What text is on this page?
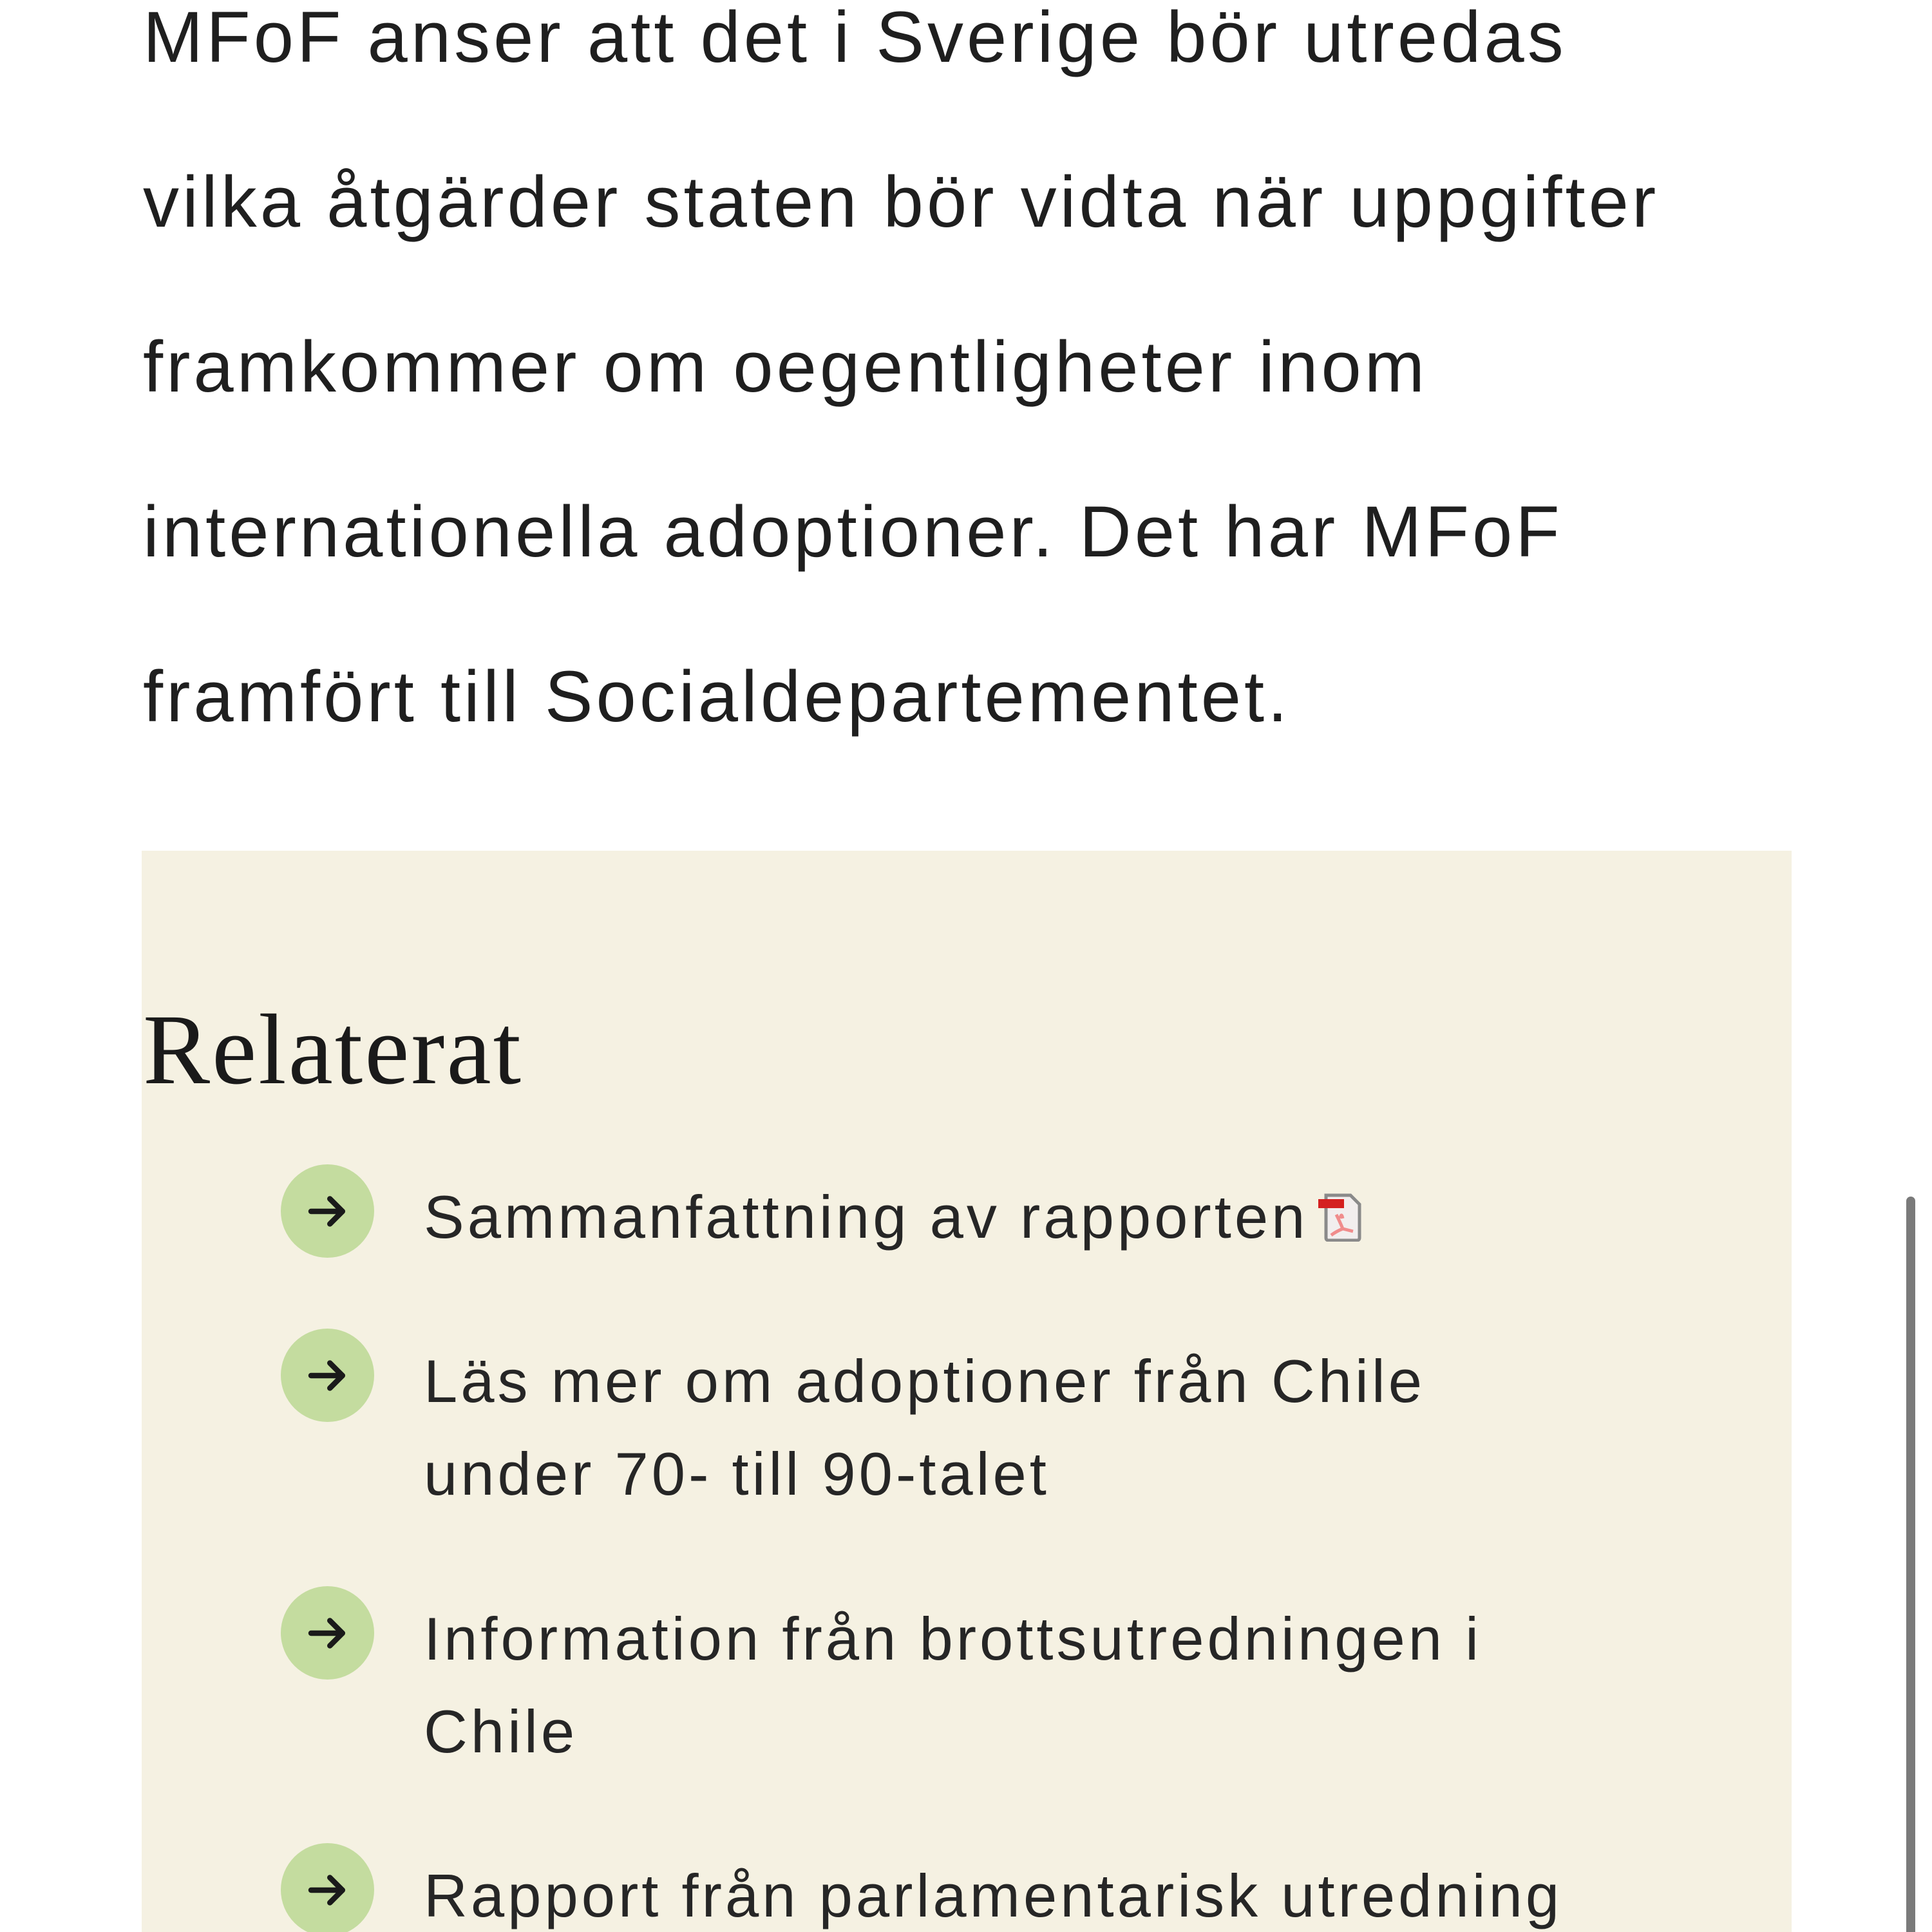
MFoF anser att det i Sverige bör utredas
vilka åtgärder staten bör vidta när uppgifter
framkommer om oegentligheter inom
internationella adoptioner. Det har MFoF
framfört till Socialdepartementet.

Relaterat
Sammanfattning av rapporten
Läs mer om adoptioner från Chile
under 70- till 90-talet
Information från brottsutredningen i
Chile
Rapport från parlamentarisk utredning
